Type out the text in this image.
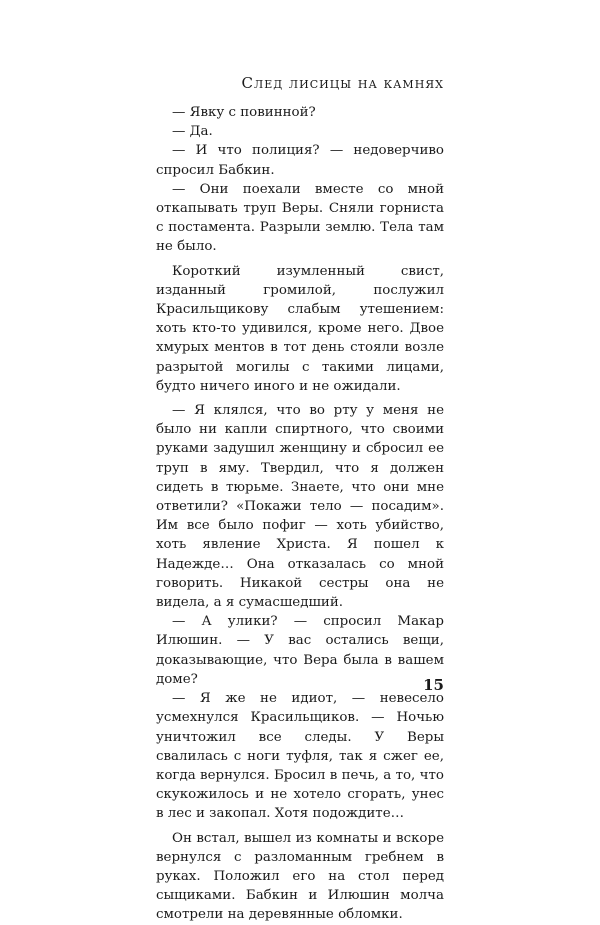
След лисицы на камнях

— Явку с повинной?

— Да.

— И что полиция? — недоверчиво спросил Бабкин.

— Они поехали вместе со мной откапывать труп Веры. Сняли горниста с постамента. Разрыли землю. Тела там не было.

Короткий изумленный свист, изданный громилой, послужил Красильщикову слабым утешением: хоть кто-то удивился, кроме него. Двое хмурых ментов в тот день стояли возле разрытой могилы с такими лицами, будто ничего иного и не ожидали.

— Я клялся, что во рту у меня не было ни капли спиртного, что своими руками задушил женщину и сбросил ее труп в яму. Твердил, что я должен сидеть в тюрьме. Знаете, что они мне ответили? «Покажи тело — посадим». Им все было пофиг — хоть убийство, хоть явление Христа. Я пошел к Надежде… Она отказалась со мной говорить. Никакой сестры она не видела, а я сумасшедший.

— А улики? — спросил Макар Илюшин. — У вас остались вещи, доказывающие, что Вера была в вашем доме?

— Я же не идиот, — невесело усмехнулся Красильщиков. — Ночью уничтожил все следы. У Веры свалилась с ноги туфля, так я сжег ее, когда вернулся. Бросил в печь, а то, что скукожилось и не хотело сгорать, унес в лес и закопал. Хотя подождите…

Он встал, вышел из комнаты и вскоре вернулся с разломанным гребнем в руках. Положил его на стол перед сыщиками. Бабкин и Илюшин молча смотрели на деревянные обломки.

15
